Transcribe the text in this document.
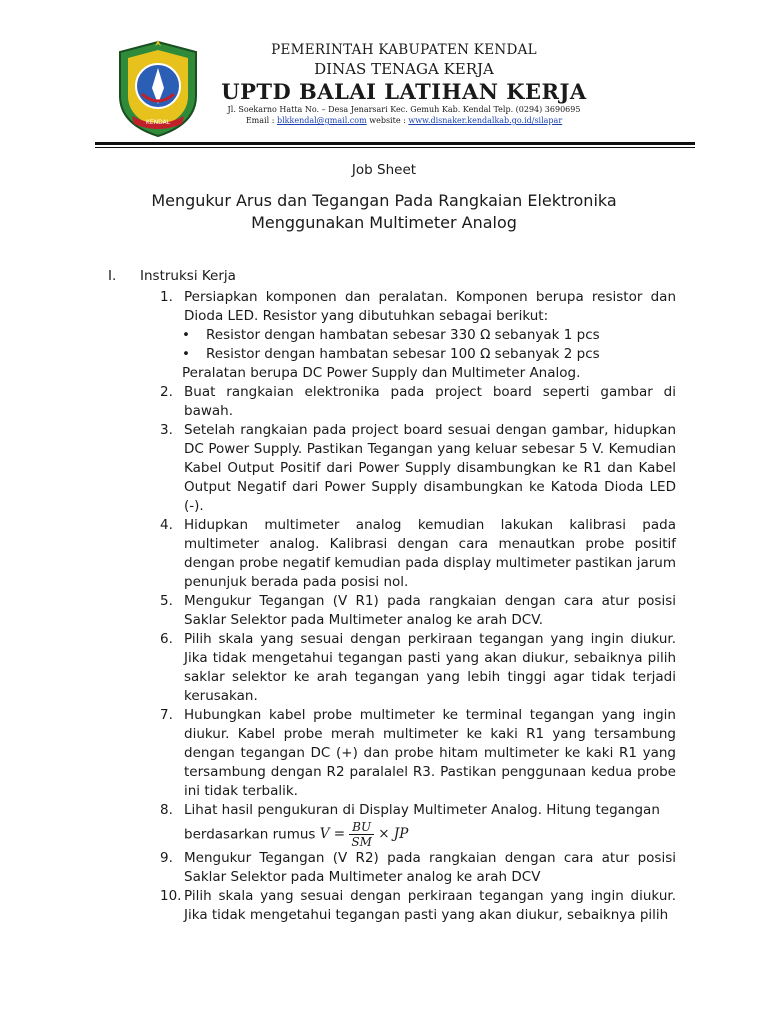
KENDAL
PEMERINTAH KABUPATEN KENDAL
DINAS TENAGA KERJA
UPTD BALAI LATIHAN KERJA
Jl. Soekarno Hatta No. – Desa Jenarsari Kec. Gemuh Kab. Kendal Telp. (0294) 3690695
Email : blkkendal@gmail.com website : www.disnaker.kendalkab.go.id/silapar
Job Sheet
Mengukur Arus dan Tegangan Pada Rangkaian Elektronika
Menggunakan Multimeter Analog
I. Instruksi Kerja
1. Persiapkan komponen dan peralatan. Komponen berupa resistor dan Dioda LED. Resistor yang dibutuhkan sebagai berikut:
• Resistor dengan hambatan sebesar 330 Ω sebanyak 1 pcs
• Resistor dengan hambatan sebesar 100 Ω sebanyak 2 pcs
Peralatan berupa DC Power Supply dan Multimeter Analog.
2. Buat rangkaian elektronika pada project board seperti gambar di bawah.
3. Setelah rangkaian pada project board sesuai dengan gambar, hidupkan DC Power Supply. Pastikan Tegangan yang keluar sebesar 5 V. Kemudian Kabel Output Positif dari Power Supply disambungkan ke R1 dan Kabel Output Negatif dari Power Supply disambungkan ke Katoda Dioda LED (-).
4. Hidupkan multimeter analog kemudian lakukan kalibrasi pada multimeter analog. Kalibrasi dengan cara menautkan probe positif dengan probe negatif kemudian pada display multimeter pastikan jarum penunjuk berada pada posisi nol.
5. Mengukur Tegangan (V R1) pada rangkaian dengan cara atur posisi Saklar Selektor pada Multimeter analog ke arah DCV.
6. Pilih skala yang sesuai dengan perkiraan tegangan yang ingin diukur. Jika tidak mengetahui tegangan pasti yang akan diukur, sebaiknya pilih saklar selektor ke arah tegangan yang lebih tinggi agar tidak terjadi kerusakan.
7. Hubungkan kabel probe multimeter ke terminal tegangan yang ingin diukur. Kabel probe merah multimeter ke kaki R1 yang tersambung dengan tegangan DC (+) dan probe hitam multimeter ke kaki R1 yang tersambung dengan R2 paralalel R3. Pastikan penggunaan kedua probe ini tidak terbalik.
8. Lihat hasil pengukuran di Display Multimeter Analog. Hitung tegangan
berdasarkan rumus $V = \frac{BU}{SM}$ × JP
9. Mengukur Tegangan (V R2) pada rangkaian dengan cara atur posisi Saklar Selektor pada Multimeter analog ke arah DCV
10. Pilih skala yang sesuai dengan perkiraan tegangan yang ingin diukur. Jika tidak mengetahui tegangan pasti yang akan diukur, sebaiknya pilih
